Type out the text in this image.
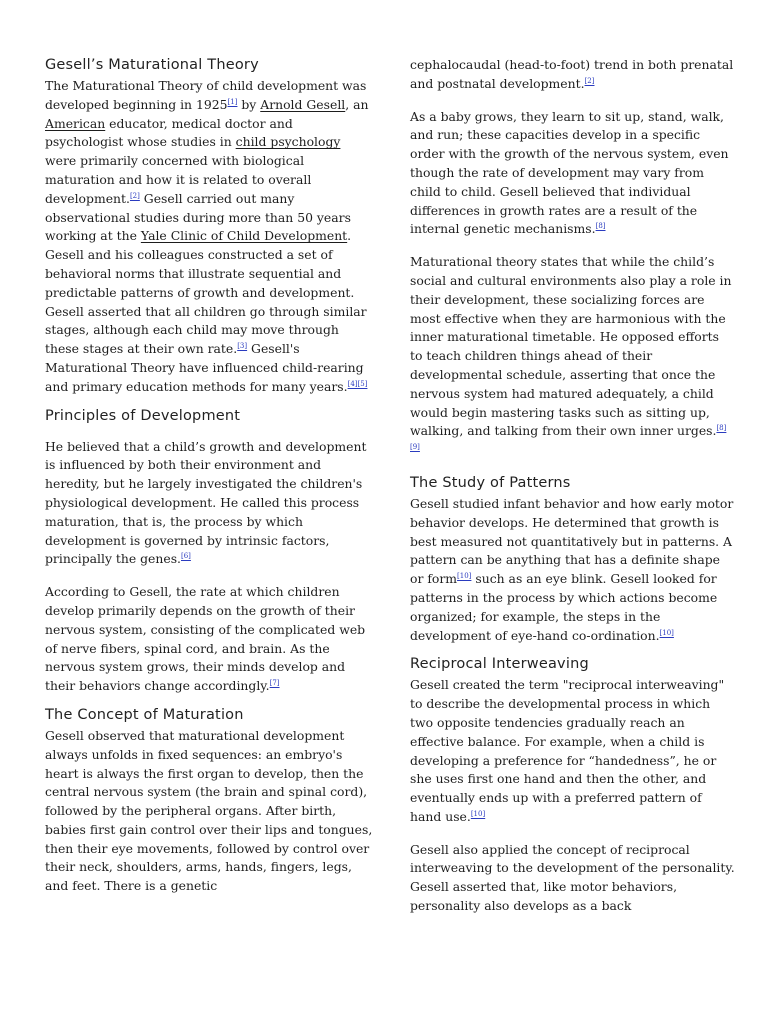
Gesell’s Maturational Theory

The Maturational Theory of child development was developed beginning in 1925[1] by Arnold Gesell, an American educator, medical doctor and psychologist whose studies in child psychology were primarily concerned with biological maturation and how it is related to overall development.[2] Gesell carried out many observational studies during more than 50 years working at the Yale Clinic of Child Development. Gesell and his colleagues constructed a set of behavioral norms that illustrate sequential and predictable patterns of growth and development. Gesell asserted that all children go through similar stages, although each child may move through these stages at their own rate.[3] Gesell's Maturational Theory have influenced child-rearing and primary education methods for many years.[4][5]

Principles of Development

He believed that a child’s growth and development is influenced by both their environment and heredity, but he largely investigated the children's physiological development. He called this process maturation, that is, the process by which development is governed by intrinsic factors, principally the genes.[6]

According to Gesell, the rate at which children develop primarily depends on the growth of their nervous system, consisting of the complicated web of nerve fibers, spinal cord, and brain. As the nervous system grows, their minds develop and their behaviors change accordingly.[7]

The Concept of Maturation

Gesell observed that maturational development always unfolds in fixed sequences: an embryo's heart is always the first organ to develop, then the central nervous system (the brain and spinal cord), followed by the peripheral organs. After birth, babies first gain control over their lips and tongues, then their eye movements, followed by control over their neck, shoulders, arms, hands, fingers, legs, and feet. There is a genetic

cephalocaudal (head-to-foot) trend in both prenatal and postnatal development.[2]

As a baby grows, they learn to sit up, stand, walk, and run; these capacities develop in a specific order with the growth of the nervous system, even though the rate of development may vary from child to child. Gesell believed that individual differences in growth rates are a result of the internal genetic mechanisms.[8]

Maturational theory states that while the child’s social and cultural environments also play a role in their development, these socializing forces are most effective when they are harmonious with the inner maturational timetable. He opposed efforts to teach children things ahead of their developmental schedule, asserting that once the nervous system had matured adequately, a child would begin mastering tasks such as sitting up, walking, and talking from their own inner urges.[8][9]

The Study of Patterns

Gesell studied infant behavior and how early motor behavior develops. He determined that growth is best measured not quantitatively but in patterns. A pattern can be anything that has a definite shape or form[10] such as an eye blink. Gesell looked for patterns in the process by which actions become organized; for example, the steps in the development of eye-hand co-ordination.[10]

Reciprocal Interweaving

Gesell created the term "reciprocal interweaving" to describe the developmental process in which two opposite tendencies gradually reach an effective balance. For example, when a child is developing a preference for “handedness”, he or she uses first one hand and then the other, and eventually ends up with a preferred pattern of hand use.[10]

Gesell also applied the concept of reciprocal interweaving to the development of the personality. Gesell asserted that, like motor behaviors, personality also develops as a back
